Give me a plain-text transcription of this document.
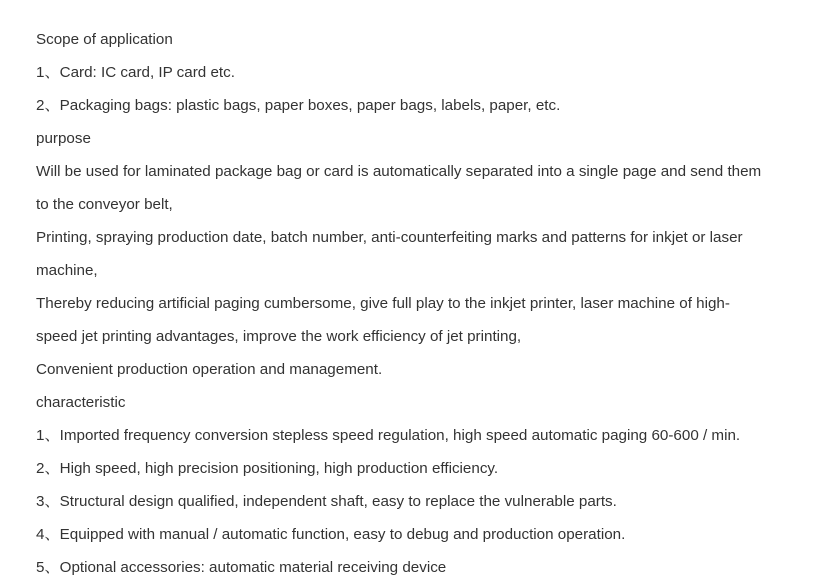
Scope of application

1、Card: IC card, IP card etc.

2、Packaging bags: plastic bags, paper boxes, paper bags, labels, paper, etc.

purpose

Will be used for laminated package bag or card is automatically separated into a single page and send them

to the conveyor belt,

Printing, spraying production date, batch number, anti-counterfeiting marks and patterns for inkjet or laser

machine,

Thereby reducing artificial paging cumbersome, give full play to the inkjet printer, laser machine of high-

speed jet printing advantages, improve the work efficiency of jet printing,

Convenient production operation and management.

characteristic

1、Imported frequency conversion stepless speed regulation, high speed automatic paging 60-600 / min.

2、High speed, high precision positioning, high production efficiency.

3、Structural design qualified, independent shaft, easy to replace the vulnerable parts.

4、Equipped with manual / automatic function, easy to debug and production operation.

5、Optional accessories: automatic material receiving device
